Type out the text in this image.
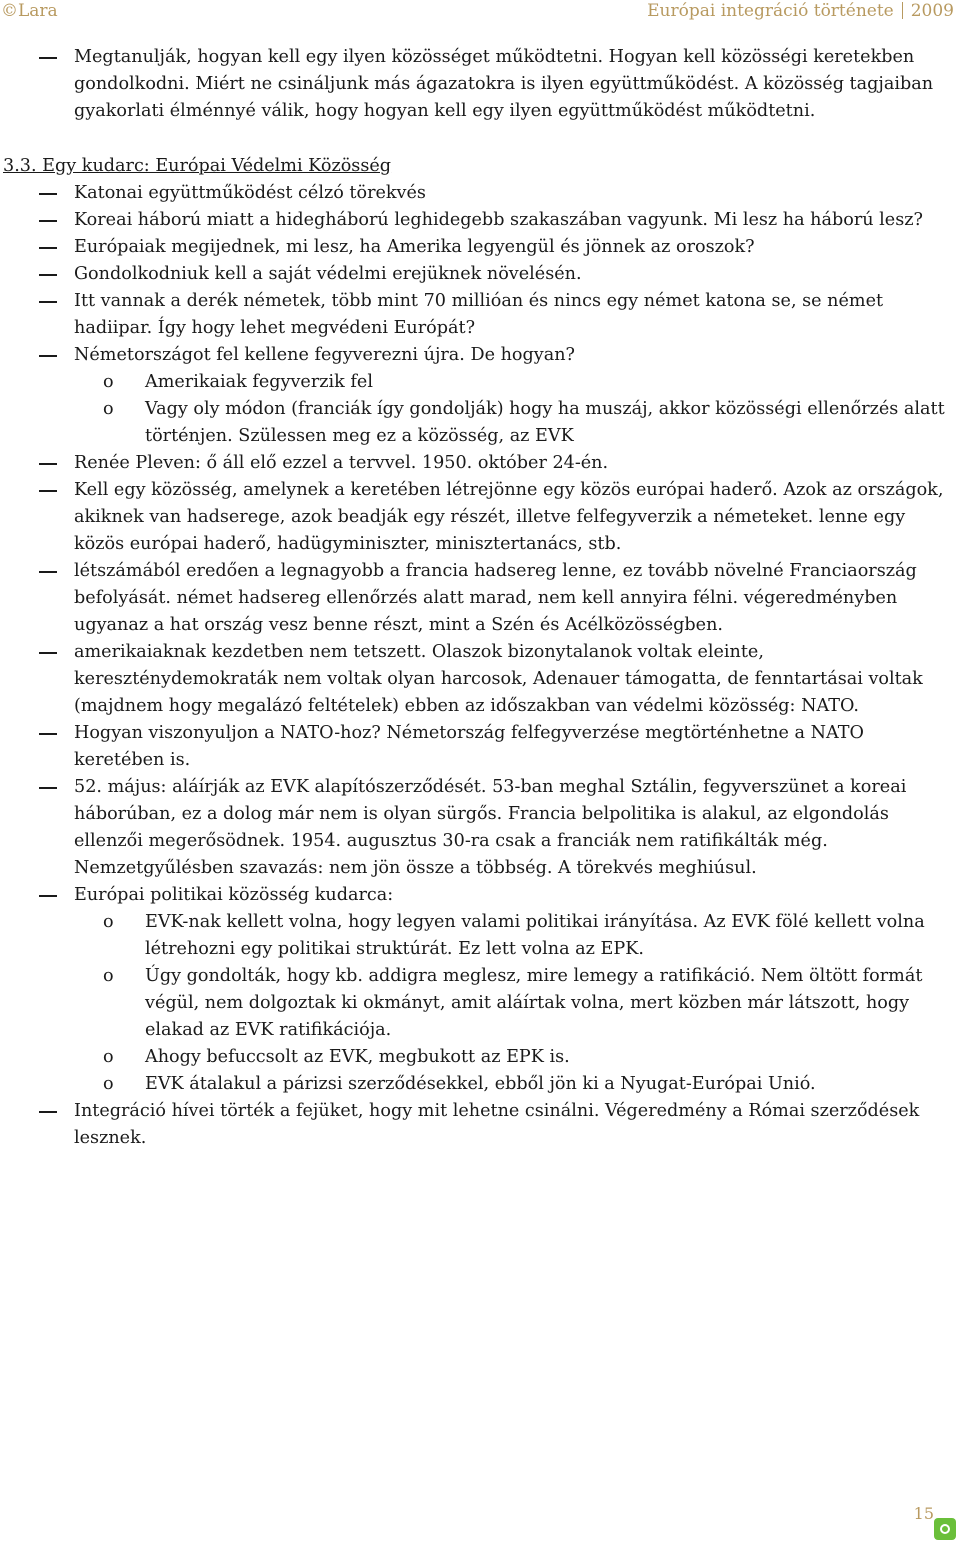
©Lara	Európai integráció története 2009
Megtanulják, hogyan kell egy ilyen közösséget működtetni. Hogyan kell közösségi keretekben gondolkodni. Miért ne csináljunk más ágazatokra is ilyen együttműködést. A közösség tagjaiban gyakorlati élménnyé válik, hogy hogyan kell egy ilyen együttműködést működtetni.
3.3. Egy kudarc: Európai Védelmi Közösség
Katonai együttműködést célzó törekvés
Koreai háború miatt a hidegháború leghidegebb szakaszában vagyunk. Mi lesz ha háború lesz?
Európaiak megijednek, mi lesz, ha Amerika legyengül és jönnek az oroszok?
Gondolkodniuk kell a saját védelmi erejüknek növelésén.
Itt vannak a derék németek, több mint 70 millióan és nincs egy német katona se, se német hadiipar. Így hogy lehet megvédeni Európát?
Németországot fel kellene fegyverezni újra. De hogyan?
o Amerikaiak fegyverzik fel
o Vagy oly módon (franciák így gondolják) hogy ha muszáj, akkor közösségi ellenőrzés alatt történjen. Szülessen meg ez a közösség, az EVK
Renée Pleven: ő áll elő ezzel a tervvel. 1950. október 24-én.
Kell egy közösség, amelynek a keretében létrejönne egy közös európai haderő. Azok az országok, akiknek van hadserege, azok beadják egy részét, illetve felfegyverzik a németeket. lenne egy közös európai haderő, hadügyminiszter, minisztertanács, stb.
létszámából eredően a legnagyobb a francia hadsereg lenne, ez tovább növelné Franciaország befolyását. német hadsereg ellenőrzés alatt marad, nem kell annyira félni. végeredményben ugyanaz a hat ország vesz benne részt, mint a Szén és Acélközösségben.
amerikaiaknak kezdetben nem tetszett. Olaszok bizonytalanok voltak eleinte, kereszténydemokraták nem voltak olyan harcosok, Adenauer támogatta, de fenntartásai voltak (majdnem hogy megalázó feltételek) ebben az időszakban van védelmi közösség: NATO.
Hogyan viszonyuljon a NATO-hoz? Németország felfegyverzése megtörténhetne a NATO keretében is.
52. május: aláírják az EVK alapítószerződését. 53-ban meghal Sztálin, fegyverszünet a koreai háborúban, ez a dolog már nem is olyan sürgős. Francia belpolitika is alakul, az elgondolás ellenzői megerősödnek. 1954. augusztus 30-ra csak a franciák nem ratifikálták még. Nemzetgyűlésben szavazás: nem jön össze a többség. A törekvés meghiúsul.
Európai politikai közösség kudarca:
o EVK-nak kellett volna, hogy legyen valami politikai irányítása. Az EVK fölé kellett volna létrehozni egy politikai struktúrát. Ez lett volna az EPK.
o Úgy gondolták, hogy kb. addigra meglesz, mire lemegy a ratifikáció. Nem öltött formát végül, nem dolgoztak ki okmányt, amit aláírtak volna, mert közben már látszott, hogy elakad az EVK ratifikációja.
o Ahogy befuccsolt az EVK, megbukott az EPK is.
o EVK átalakul a párizsi szerződésekkel, ebből jön ki a Nyugat-Európai Unió.
Integráció hívei törték a fejüket, hogy mit lehetne csinálni. Végeredmény a Római szerződések lesznek.
15
